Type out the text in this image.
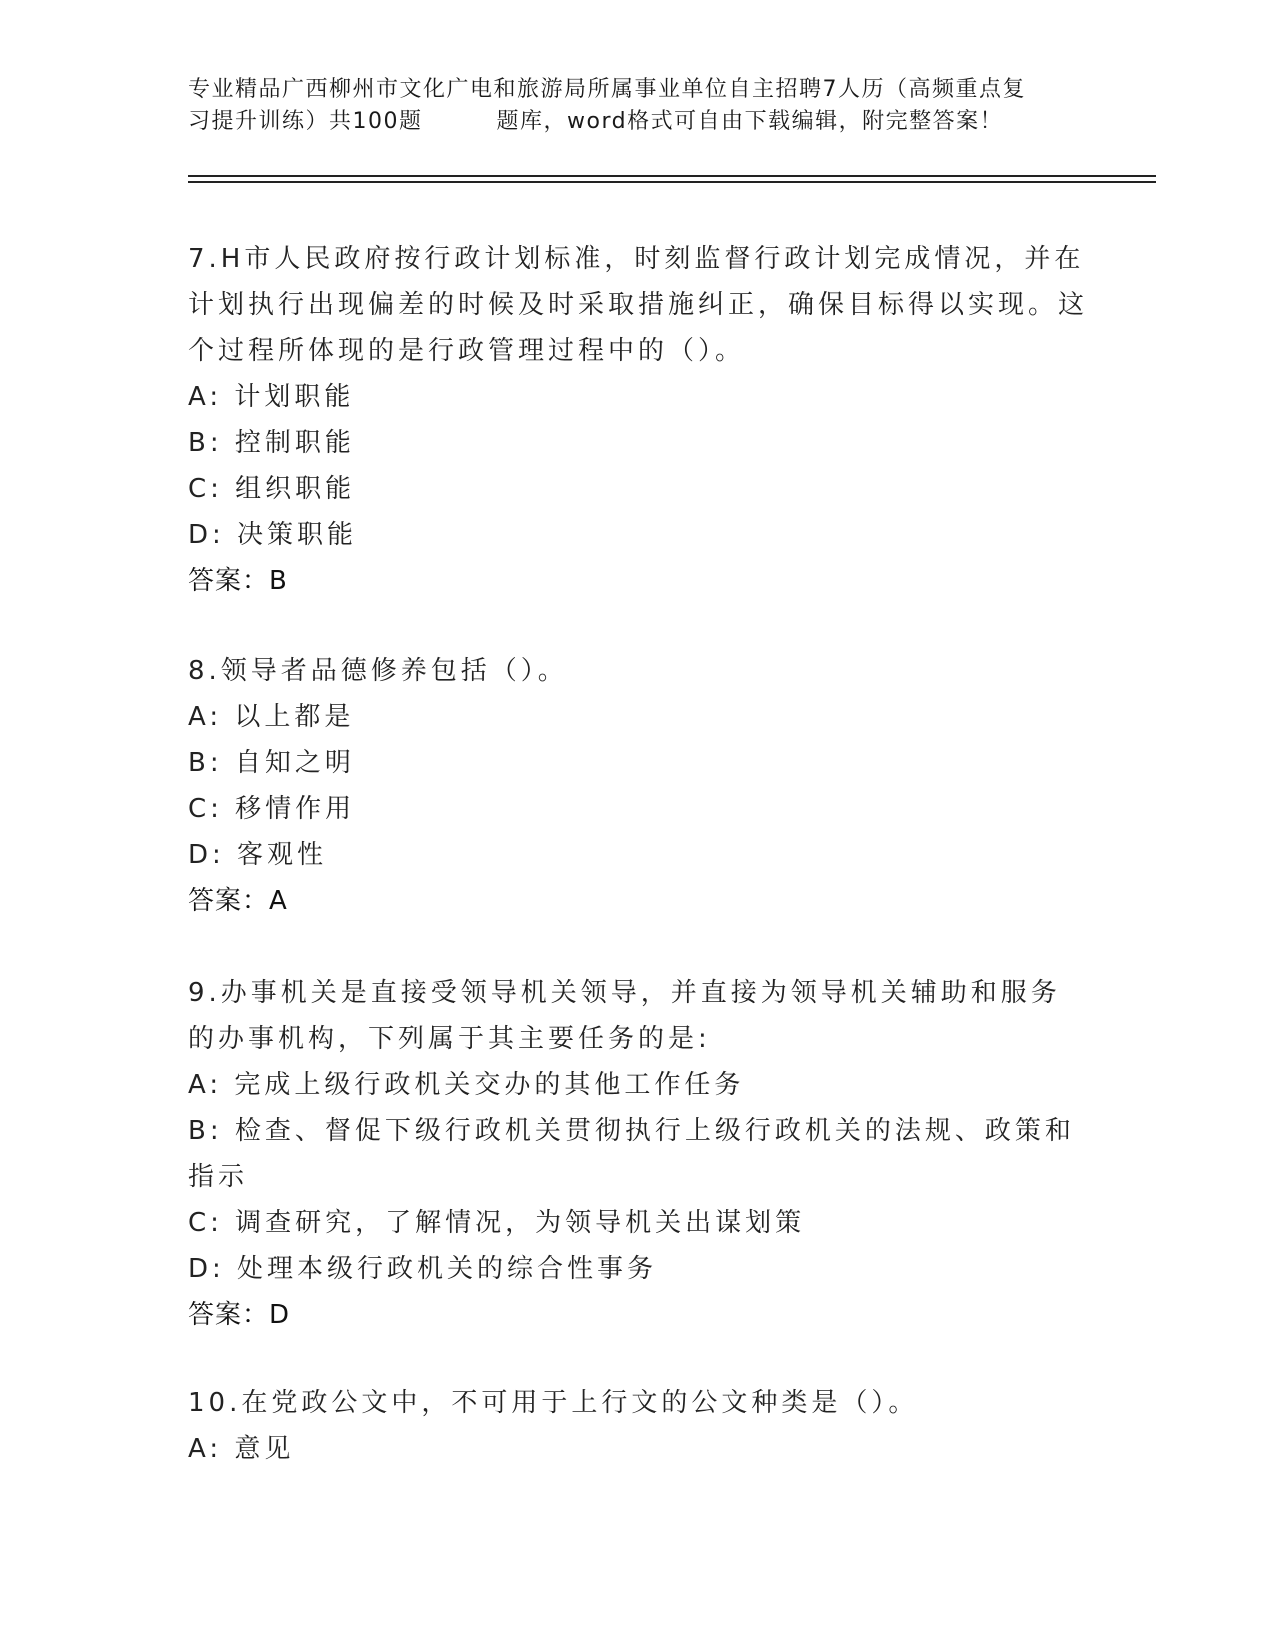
专业精品广西柳州市文化广电和旅游局所属事业单位自主招聘7人历（高频重点复
习提升训练）共100题	题库，word格式可自由下载编辑，附完整答案！
7.H市人民政府按行政计划标准，时刻监督行政计划完成情况，并在计划执行出现偏差的时候及时采取措施纠正，确保目标得以实现。这个过程所体现的是行政管理过程中的（）。
A: 计划职能
B: 控制职能
C: 组织职能
D: 决策职能
答案：B
8.领导者品德修养包括（）。
A: 以上都是
B: 自知之明
C: 移情作用
D: 客观性
答案：A
9.办事机关是直接受领导机关领导，并直接为领导机关辅助和服务的办事机构，下列属于其主要任务的是:
A: 完成上级行政机关交办的其他工作任务
B: 检查、督促下级行政机关贯彻执行上级行政机关的法规、政策和指示
C: 调查研究，了解情况，为领导机关出谋划策
D: 处理本级行政机关的综合性事务
答案：D
10.在党政公文中，不可用于上行文的公文种类是（）。
A: 意见
